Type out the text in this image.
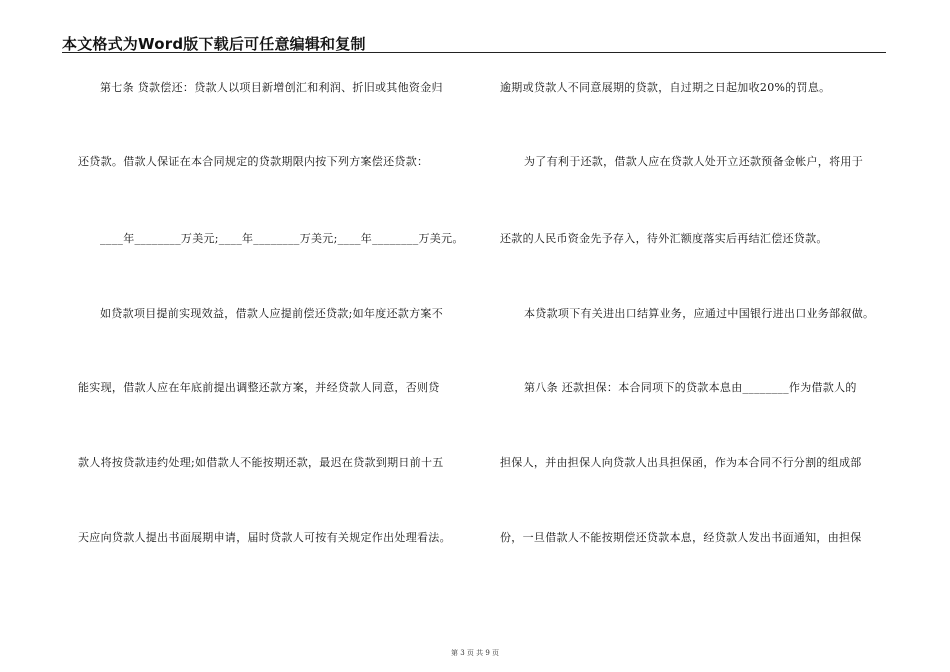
本文格式为Word版下载后可任意编辑和复制
第七条 贷款偿还：贷款人以项目新增创汇和利润、折旧或其他资金归
还贷款。借款人保证在本合同规定的贷款期限内按下列方案偿还贷款：
____年________万美元;____年________万美元;____年________万美元。
如贷款项目提前实现效益，借款人应提前偿还贷款;如年度还款方案不
能实现，借款人应在年底前提出调整还款方案，并经贷款人同意，否则贷
款人将按贷款违约处理;如借款人不能按期还款，最迟在贷款到期日前十五
天应向贷款人提出书面展期申请，届时贷款人可按有关规定作出处理看法。
逾期或贷款人不同意展期的贷款，自过期之日起加收20%的罚息。
为了有利于还款，借款人应在贷款人处开立还款预备金帐户，将用于
还款的人民币资金先予存入，待外汇额度落实后再结汇偿还贷款。
本贷款项下有关进出口结算业务，应通过中国银行进出口业务部叙做。
第八条 还款担保：本合同项下的贷款本息由________作为借款人的
担保人，并由担保人向贷款人出具担保函，作为本合同不行分割的组成部
份，一旦借款人不能按期偿还贷款本息，经贷款人发出书面通知，由担保
第 3 页 共 9 页
